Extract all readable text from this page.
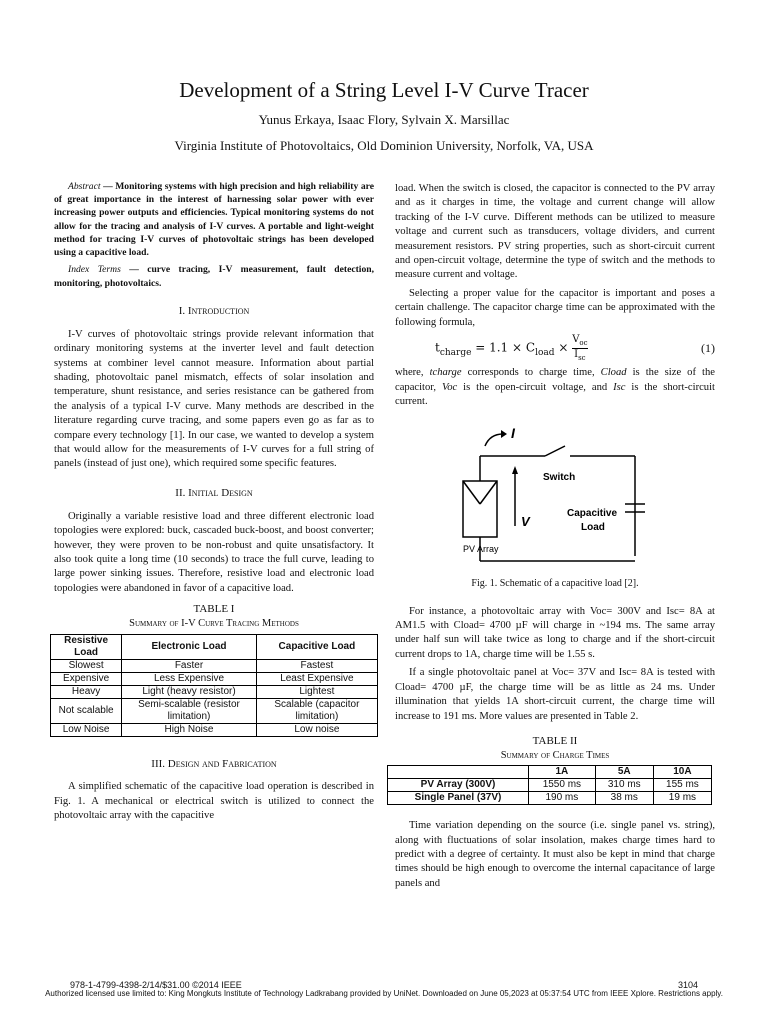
Development of a String Level I-V Curve Tracer
Yunus Erkaya, Isaac Flory, Sylvain X. Marsillac
Virginia Institute of Photovoltaics, Old Dominion University, Norfolk, VA, USA

Abstract — Monitoring systems with high precision and high reliability are of great importance in the interest of harnessing solar power with ever increasing power outputs and efficiencies. Typical monitoring systems do not allow for the tracing and analysis of I-V curves. A portable and light-weight method for tracing I-V curves of photovoltaic strings has been developed using a capacitive load.

Index Terms — curve tracing, I-V measurement, fault detection, monitoring, photovoltaics.

I. Introduction

I-V curves of photovoltaic strings provide relevant information that ordinary monitoring systems at the inverter level and fault detection systems at combiner level cannot measure. Information about partial shading, photovoltaic panel mismatch, effects of solar insolation and temperature, shunt resistance, and series resistance can be gathered from the analysis of a typical I-V curve. Many methods are described in the literature regarding curve tracing, and some papers even go as far as to compare every technology [1]. In our case, we wanted to develop a system that would allow for the measurements of I-V curves for a full string of panels (instead of just one), which required some specific features.

II. Initial Design

Originally a variable resistive load and three different electronic load topologies were explored: buck, cascaded buck-boost, and boost converter; however, they were proven to be non-robust and quite unsatisfactory. It also took quite a long time (10 seconds) to trace the full curve, leading to large power sinking issues. Therefore, resistive load and electronic load topologies were abandoned in favor of a capacitive load.

TABLE I
Summary of I-V Curve Tracing Methods
Resistive Load	Electronic Load	Capacitive Load
Slowest	Faster	Fastest
Expensive	Less Expensive	Least Expensive
Heavy	Light (heavy resistor)	Lightest
Not scalable	Semi-scalable (resistor limitation)	Scalable (capacitor limitation)
Low Noise	High Noise	Low noise
III. Design and Fabrication

A simplified schematic of the capacitive load operation is described in Fig. 1. A mechanical or electrical switch is utilized to connect the photovoltaic array with the capacitive

load. When the switch is closed, the capacitor is connected to the PV array and as it charges in time, the voltage and current change will allow tracking of the I-V curve. Different methods can be utilized to measure voltage and current such as transducers, voltage dividers, and current measurement resistors. PV string properties, such as short-circuit current and open-circuit voltage, determine the type of switch and the methods to measure current and voltage.

Selecting a proper value for the capacitor is important and poses a certain challenge. The capacitor charge time can be approximated with the following formula,

$t_{charge} = 1.1 \times C_{load}$ ×
$V_{oc}$
$I_{sc}$
(1)

where, tcharge corresponds to charge time, Cload is the size of the capacitor, Voc is the open-circuit voltage, and Isc is the short-circuit current.

I
Switch
PV Array
V
Capacitive
Load
Fig. 1. Schematic of a capacitive load [2].

For instance, a photovoltaic array with Voc= 300V and Isc= 8A at AM1.5 with Cload= 4700 µF will charge in ~194 ms. The same array under half sun will take twice as long to charge and if the short-circuit current drops to 1A, charge time will be 1.55 s.

If a single photovoltaic panel at Voc= 37V and Isc= 8A is tested with Cload= 4700 µF, the charge time will be as little as 24 ms. Under illumination that yields 1A short-circuit current, the charge time will increase to 191 ms. More values are presented in Table 2.

TABLE II
Summary of Charge Times
	1A	5A	10A
PV Array (300V)	1550 ms	310 ms	155 ms
Single Panel (37V)	190 ms	38 ms	19 ms

Time variation depending on the source (i.e. single panel vs. string), along with fluctuations of solar insolation, makes charge times hard to predict with a degree of certainty. It must also be kept in mind that charge times should be high enough to overcome the internal capacitance of large panels and

978-1-4799-4398-2/14/$31.00 ©2014 IEEE	3104
Authorized licensed use limited to: King Mongkuts Institute of Technology Ladkrabang provided by UniNet. Downloaded on June 05,2023 at 05:37:54 UTC from IEEE Xplore. Restrictions apply.
